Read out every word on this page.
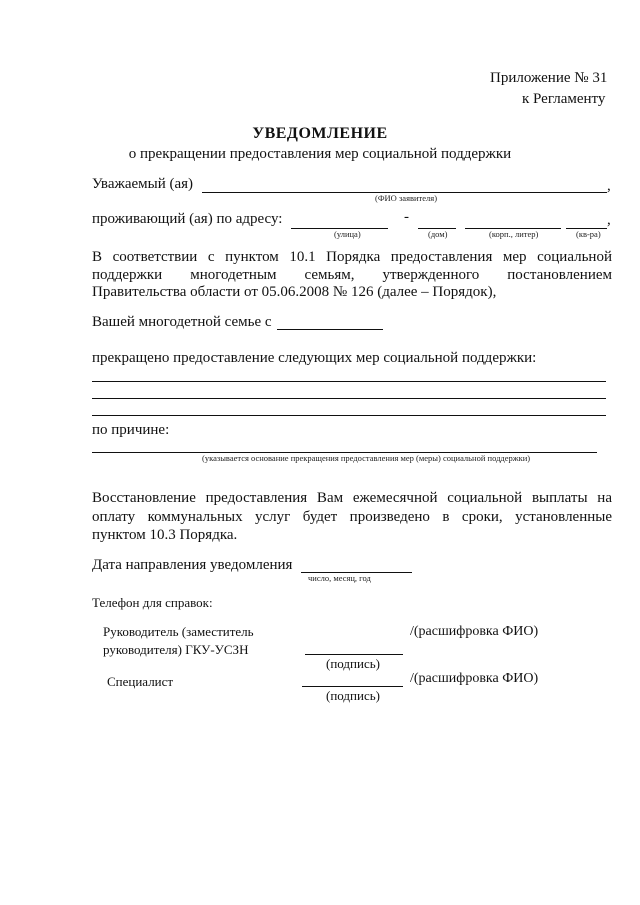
Приложение № 31
к Регламенту
УВЕДОМЛЕНИЕ
о прекращении предоставления мер социальной поддержки
Уважаемый (ая)	,
(ФИО заявителя)
проживающий (ая) по адресу:	-	,
(улица)	(дом)	(корп., литер)	(кв-ра)
В соответствии с пунктом 10.1 Порядка предоставления мер социальной
поддержки многодетным семьям, утвержденного постановлением
Правительства области от 05.06.2008 № 126 (далее – Порядок),
Вашей многодетной семье с
прекращено предоставление следующих мер социальной поддержки:
по причине:
(указывается основание прекращения предоставления мер (меры) социальной поддержки)
Восстановление предоставления Вам ежемесячной социальной выплаты на
оплату коммунальных услуг будет произведено в сроки, установленные
пунктом 10.3 Порядка.
Дата направления уведомления
число, месяц, год
Телефон для справок:
Руководитель (заместитель
руководителя) ГКУ-УСЗН
/(расшифровка ФИО)
(подпись)
Специалист	/(расшифровка ФИО)
(подпись)
